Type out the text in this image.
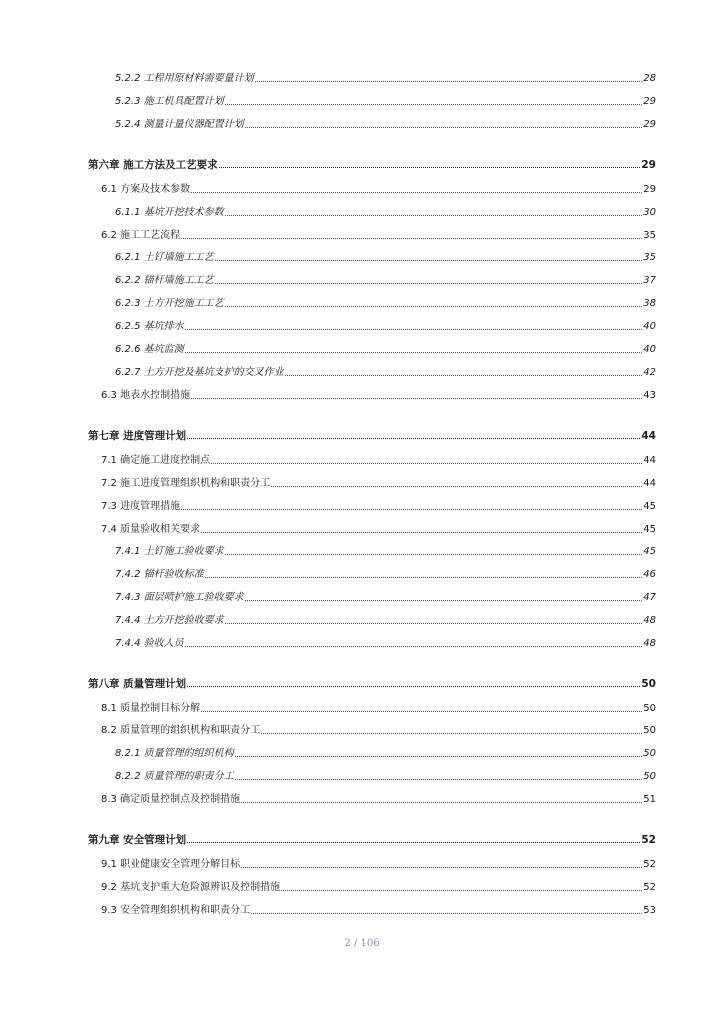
5.2.2 工程用原材料需要量计划	28
5.2.3 施工机具配置计划	29
5.2.4 测量计量仪器配置计划	29
第六章 施工方法及工艺要求	29
6.1 方案及技术参数	29
6.1.1 基坑开挖技术参数	30
6.2 施工工艺流程	35
6.2.1 土钉墙施工工艺	35
6.2.2 锚杆墙施工工艺	37
6.2.3 土方开挖施工工艺	38
6.2.5 基坑排水	40
6.2.6 基坑监测	40
6.2.7 土方开挖及基坑支护的交叉作业	42
6.3 地表水控制措施	43
第七章 进度管理计划	44
7.1 确定施工进度控制点	44
7.2 施工进度管理组织机构和职责分工	44
7.3 进度管理措施	45
7.4 质量验收相关要求	45
7.4.1 土钉施工验收要求	45
7.4.2 锚杆验收标准	46
7.4.3 面层喷护施工验收要求	47
7.4.4 土方开挖验收要求	48
7.4.4 验收人员	48
第八章 质量管理计划	50
8.1 质量控制目标分解	50
8.2 质量管理的组织机构和职责分工	50
8.2.1 质量管理的组织机构	50
8.2.2 质量管理的职责分工	50
8.3 确定质量控制点及控制措施	51
第九章 安全管理计划	52
9.1 职业健康安全管理分解目标	52
9.2 基坑支护重大危险源辨识及控制措施	52
9.3 安全管理组织机构和职责分工	53
2 / 106
